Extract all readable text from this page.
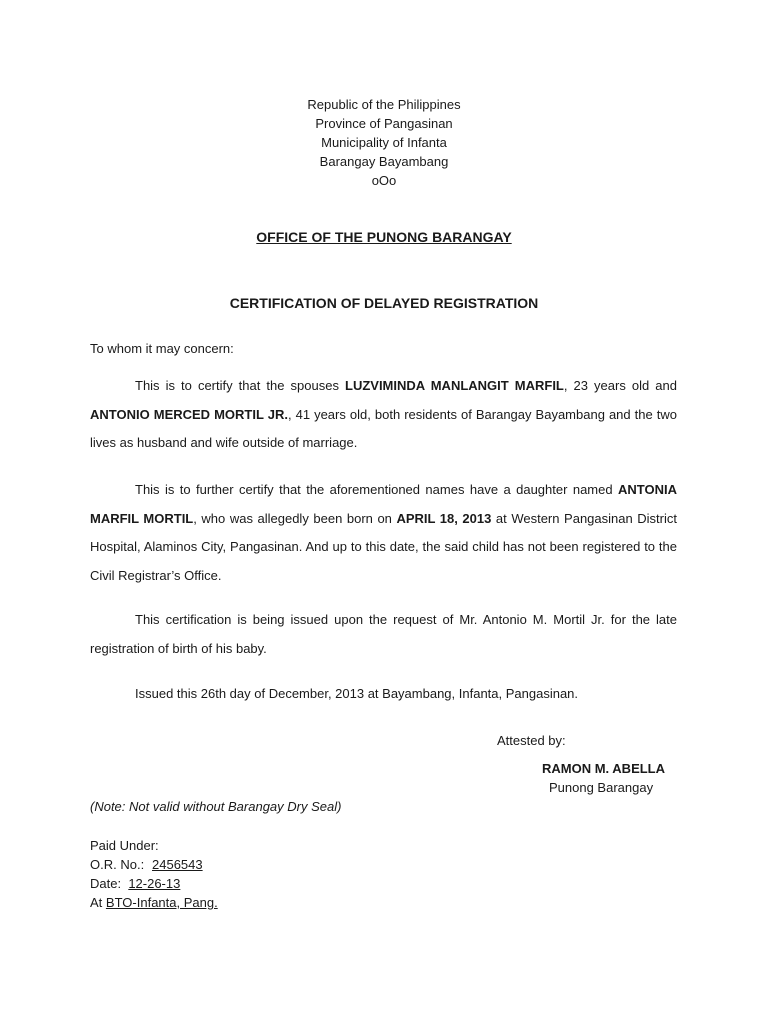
Republic of the Philippines
Province of Pangasinan
Municipality of Infanta
Barangay Bayambang
oOo
OFFICE OF THE PUNONG BARANGAY
CERTIFICATION OF DELAYED REGISTRATION
To whom it may concern:

This is to certify that the spouses LUZVIMINDA MANLANGIT MARFIL, 23 years old and ANTONIO MERCED MORTIL JR., 41 years old, both residents of Barangay Bayambang and the two lives as husband and wife outside of marriage.

This is to further certify that the aforementioned names have a daughter named ANTONIA MARFIL MORTIL, who was allegedly been born on APRIL 18, 2013 at Western Pangasinan District Hospital, Alaminos City, Pangasinan. And up to this date, the said child has not been registered to the Civil Registrar’s Office.

This certification is being issued upon the request of Mr. Antonio M. Mortil Jr. for the late registration of birth of his baby.

Issued this 26th day of December, 2013 at Bayambang, Infanta, Pangasinan.

Attested by:
RAMON M. ABELLA
Punong Barangay
(Note: Not valid without Barangay Dry Seal)
Paid Under:
O.R. No.: 2456543
Date: 12-26-13
At BTO-Infanta, Pang.
